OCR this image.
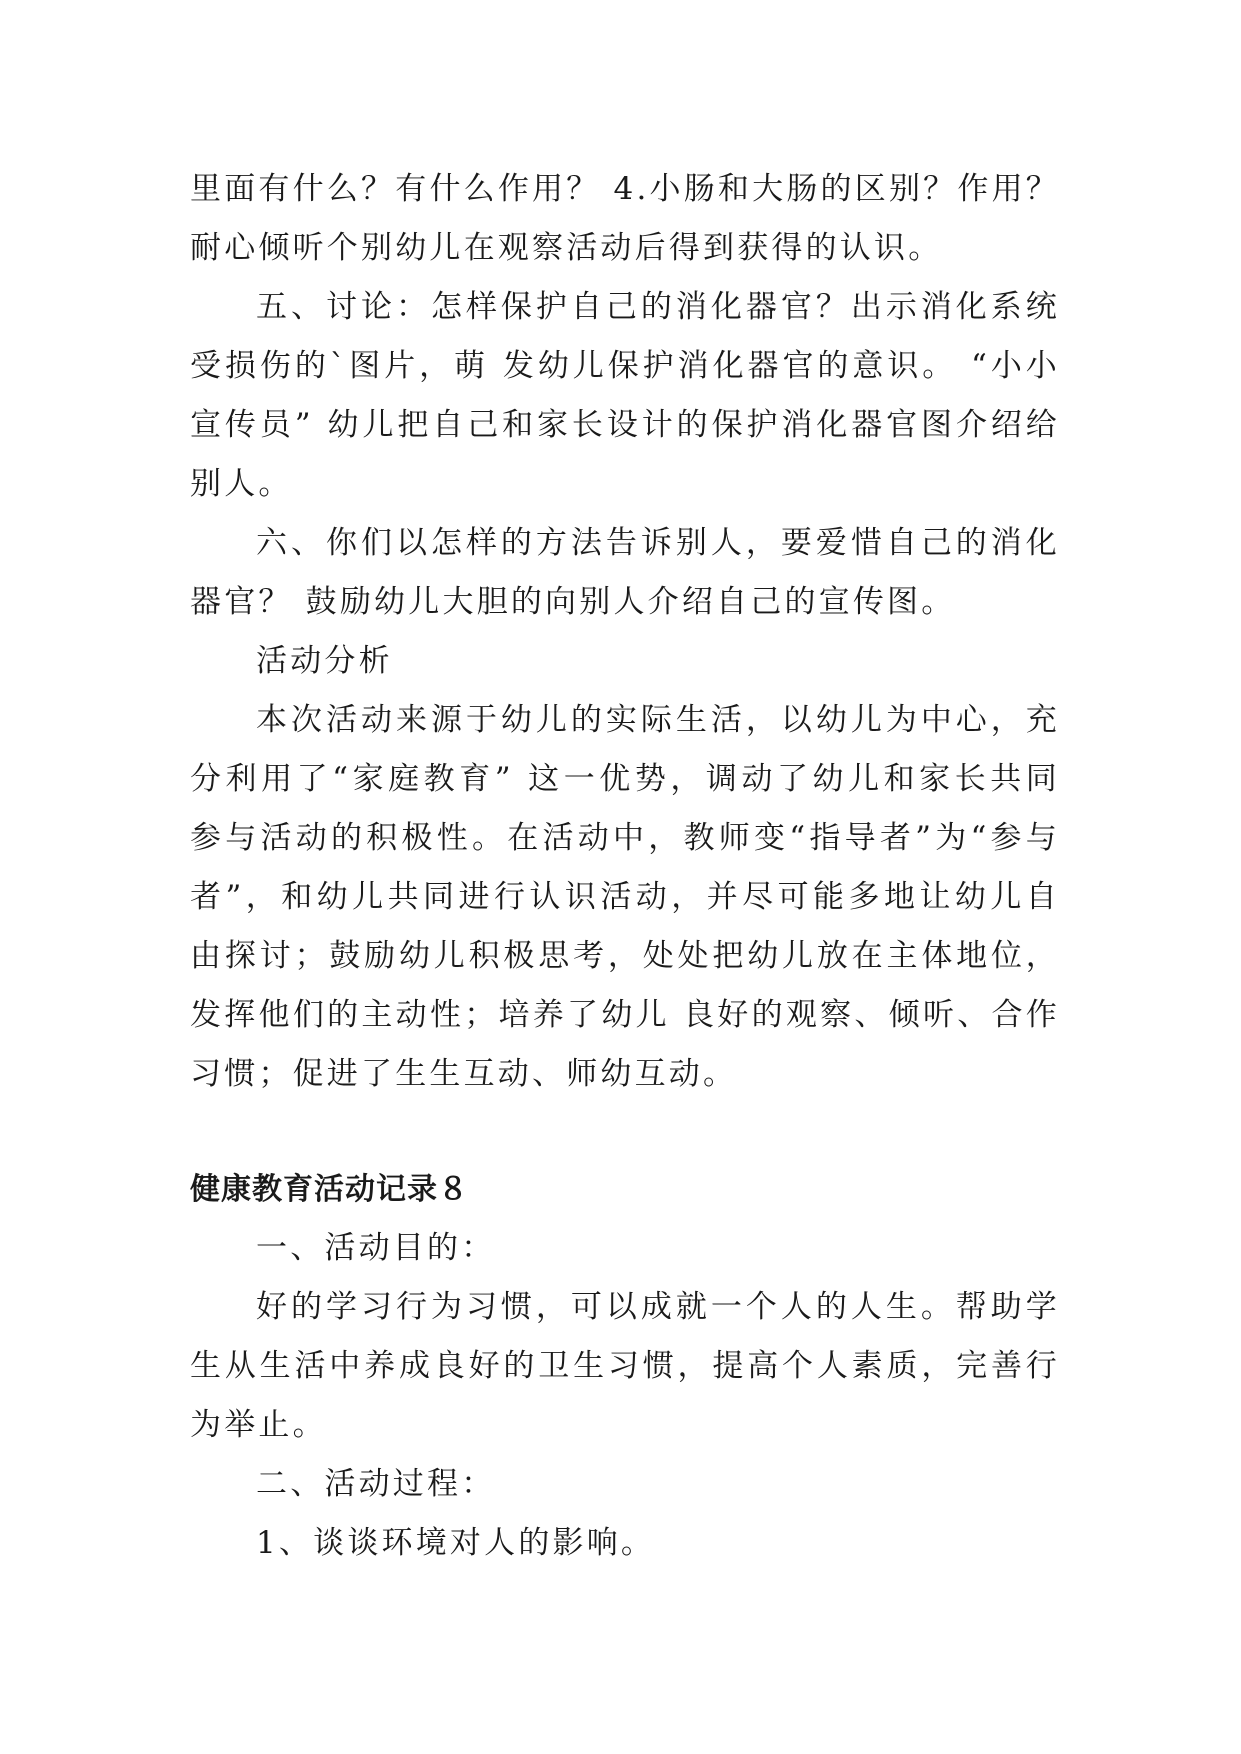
里面有什么？有什么作用？ 4.小肠和大肠的区别？作用？耐心倾听个别幼儿在观察活动后得到获得的认识。

五、讨论：怎样保护自己的消化器官？出示消化系统受损伤的`图片，萌 发幼儿保护消化器官的意识。 “小小宣传员” 幼儿把自己和家长设计的保护消化器官图介绍给别人。

六、你们以怎样的方法告诉别人，要爱惜自己的消化器官？ 鼓励幼儿大胆的向别人介绍自己的宣传图。

活动分析

本次活动来源于幼儿的实际生活，以幼儿为中心，充分利用了“家庭教育” 这一优势，调动了幼儿和家长共同参与活动的积极性。在活动中，教师变“指导者”为“参与者”，和幼儿共同进行认识活动，并尽可能多地让幼儿自由探讨；鼓励幼儿积极思考，处处把幼儿放在主体地位，发挥他们的主动性；培养了幼儿 良好的观察、倾听、合作习惯；促进了生生互动、师幼互动。

健康教育活动记录８

一、活动目的：

好的学习行为习惯，可以成就一个人的人生。帮助学生从生活中养成良好的卫生习惯，提高个人素质，完善行为举止。

二、活动过程：

1、谈谈环境对人的影响。
